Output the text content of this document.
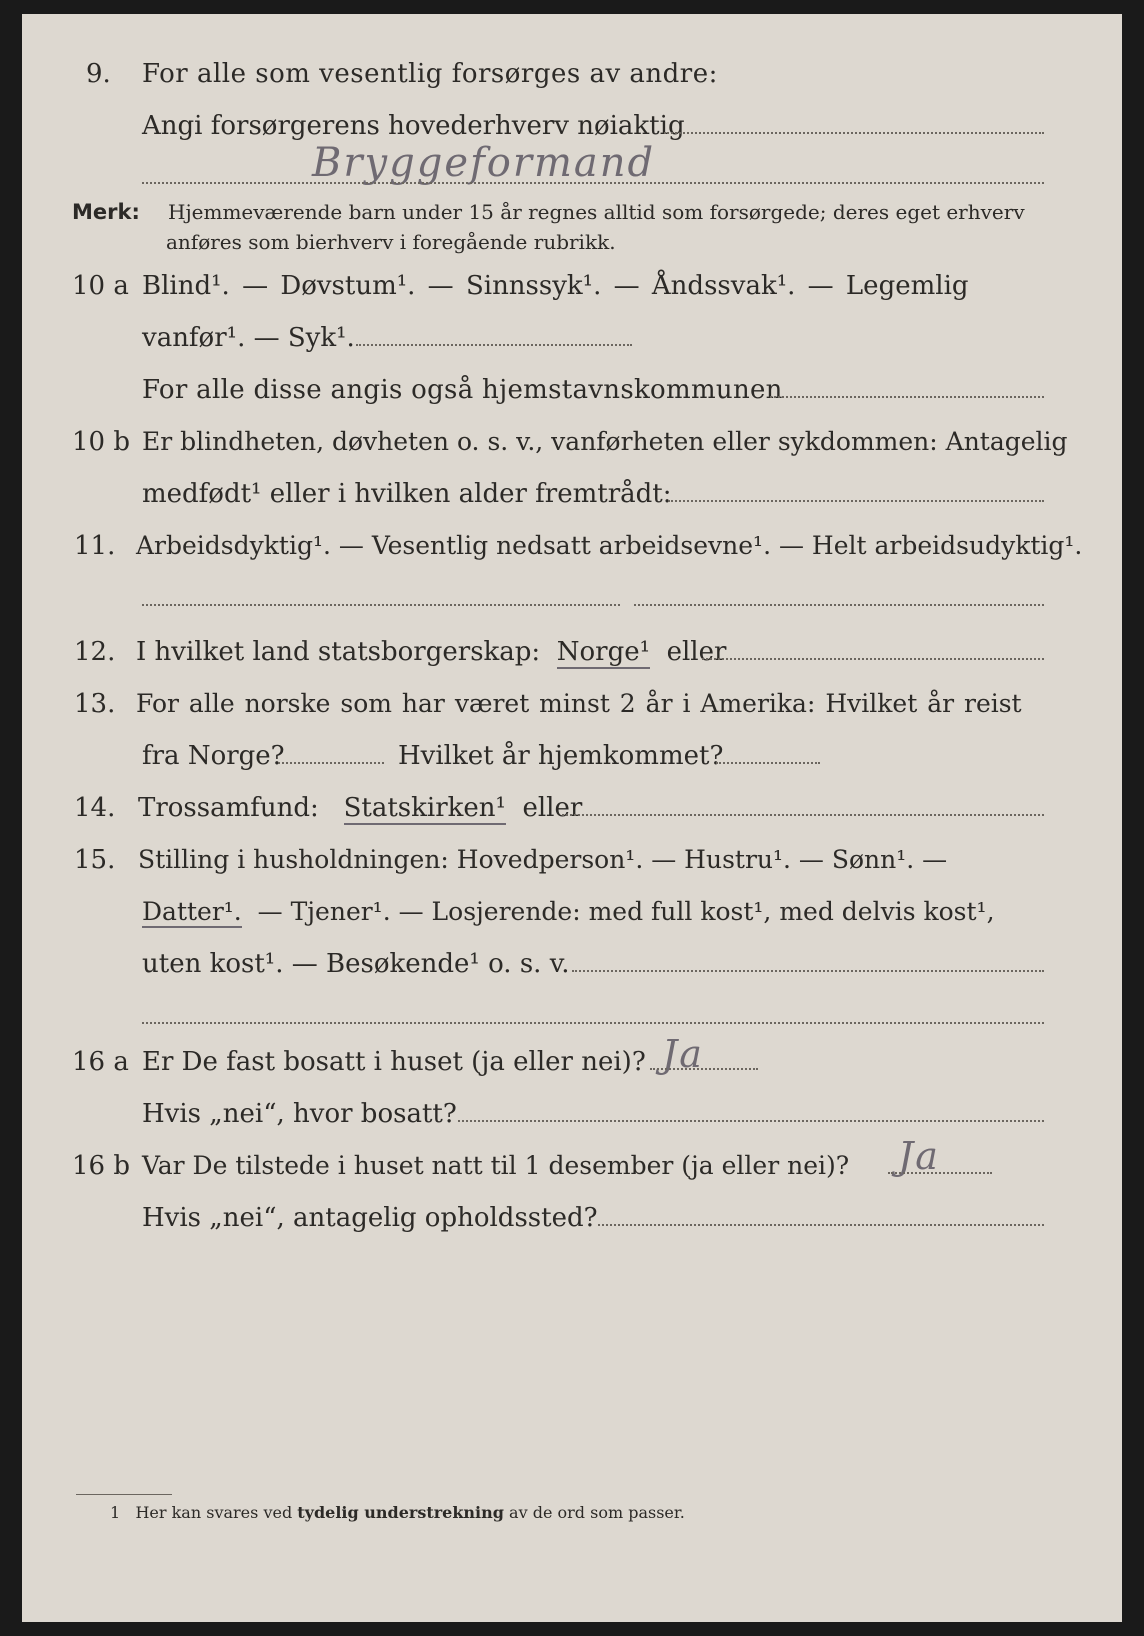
9. For alle som vesentlig forsørges av andre:
Angi forsørgerens hovederhverv nøiaktig
Bryggeformand
Merk: Hjemmeværende barn under 15 år regnes alltid som forsørgede; deres eget erhverv
anføres som bierhverv i foregående rubrikk.
10 a Blind¹. — Døvstum¹. — Sinnssyk¹. — Åndssvak¹. — Legemlig
vanfør¹. — Syk¹.
For alle disse angis også hjemstavnskommunen
10 b Er blindheten, døvheten o. s. v., vanførheten eller sykdommen: Antagelig
medfødt¹ eller i hvilken alder fremtrådt:
11. Arbeidsdyktig¹. — Vesentlig nedsatt arbeidsevne¹. — Helt arbeidsudyktig¹.
12. I hvilket land statsborgerskap: Norge¹ eller
13. For alle norske som har været minst 2 år i Amerika: Hvilket år reist
fra Norge?	Hvilket år hjemkommet?
14. Trossamfund: Statskirken¹ eller
15. Stilling i husholdningen: Hovedperson¹. — Hustru¹. — Sønn¹. —
Datter¹. — Tjener¹. — Losjerende: med full kost¹, med delvis kost¹,
uten kost¹. — Besøkende¹ o. s. v.
16 a Er De fast bosatt i huset (ja eller nei)? Ja
Hvis „nei“, hvor bosatt?
16 b Var De tilstede i huset natt til 1 desember (ja eller nei)? Ja
Hvis „nei“, antagelig opholdssted?
1 Her kan svares ved tydelig understrekning av de ord som passer.
